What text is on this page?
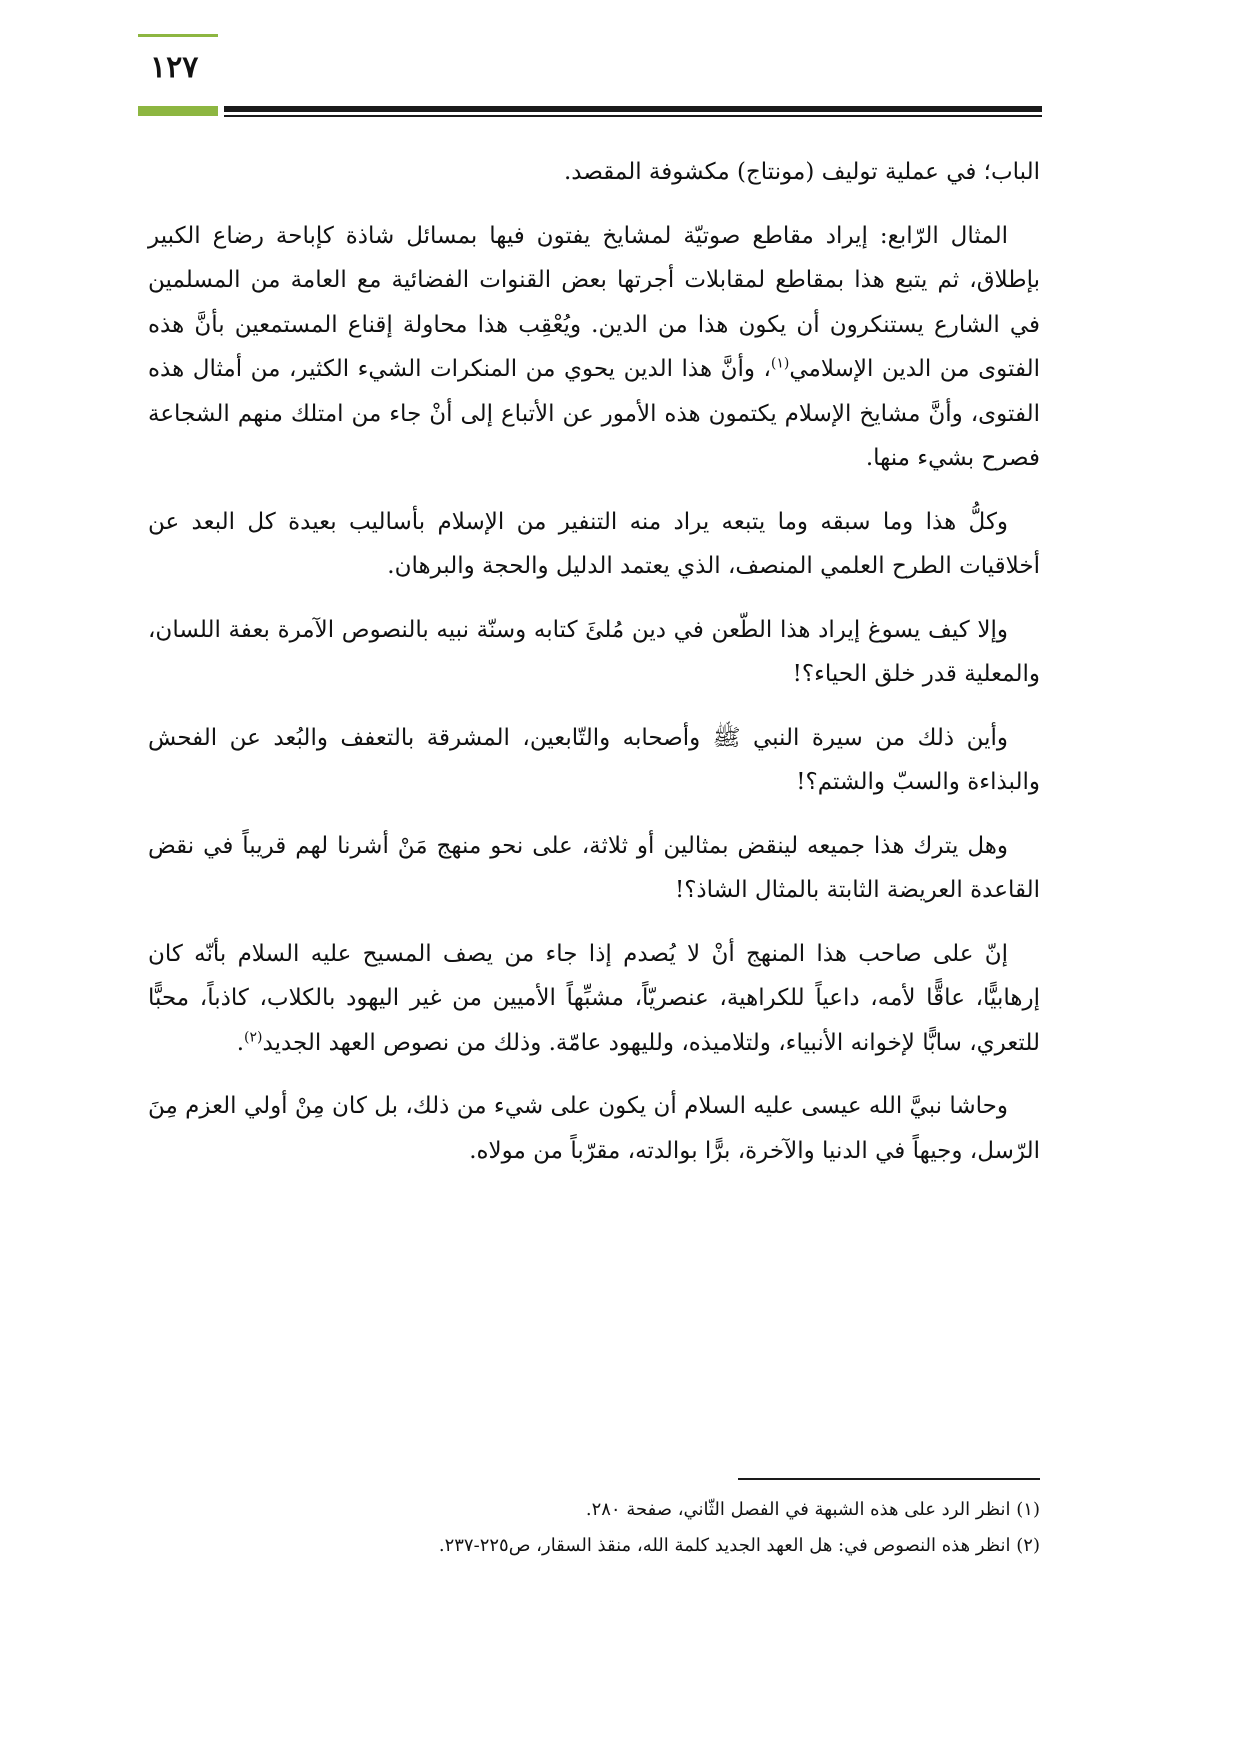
١٢٧

الباب؛ في عملية توليف (مونتاج) مكشوفة المقصد.

المثال الرّابع: إيراد مقاطع صوتيّة لمشايخ يفتون فيها بمسائل شاذة كإباحة رضاع الكبير بإطلاق، ثم يتبع هذا بمقاطع لمقابلات أجرتها بعض القنوات الفضائية مع العامة من المسلمين في الشارع يستنكرون أن يكون هذا من الدين. ويُعْقِب هذا محاولة إقناع المستمعين بأنَّ هذه الفتوى من الدين الإسلامي$^{(١)}$، وأنَّ هذا الدين يحوي من المنكرات الشيء الكثير، من أمثال هذه الفتوى، وأنَّ مشايخ الإسلام يكتمون هذه الأمور عن الأتباع إلى أنْ جاء من امتلك منهم الشجاعة فصرح بشيء منها.

وكلُّ هذا وما سبقه وما يتبعه يراد منه التنفير من الإسلام بأساليب بعيدة كل البعد عن أخلاقيات الطرح العلمي المنصف، الذي يعتمد الدليل والحجة والبرهان.

وإلا كيف يسوغ إيراد هذا الطّعن في دين مُلئَ كتابه وسنّة نبيه بالنصوص الآمرة بعفة اللسان، والمعلية قدر خلق الحياء؟!

وأين ذلك من سيرة النبي ﷺ وأصحابه والتّابعين، المشرقة بالتعفف والبُعد عن الفحش والبذاءة والسبّ والشتم؟!

وهل يترك هذا جميعه لينقض بمثالين أو ثلاثة، على نحو منهج مَنْ أشرنا لهم قريباً في نقض القاعدة العريضة الثابتة بالمثال الشاذ؟!

إنّ على صاحب هذا المنهج أنْ لا يُصدم إذا جاء من يصف المسيح عليه السلام بأنّه كان إرهابيًّا، عاقًّا لأمه، داعياً للكراهية، عنصريّاً، مشبِّهاً الأميين من غير اليهود بالكلاب، كاذباً، محبًّا للتعري، سابًّا لإخوانه الأنبياء، ولتلاميذه، ولليهود عامّة. وذلك من نصوص العهد الجديد$^{(٢)}$.

وحاشا نبيَّ الله عيسى عليه السلام أن يكون على شيء من ذلك، بل كان مِنْ أولي العزم مِنَ الرّسل، وجيهاً في الدنيا والآخرة، برًّا بوالدته، مقرّباً من مولاه.

(١) انظر الرد على هذه الشبهة في الفصل الثّاني، صفحة ٢٨٠.
(٢) انظر هذه النصوص في: هل العهد الجديد كلمة الله، منقذ السقار، ص٢٢٥-٢٣٧.
